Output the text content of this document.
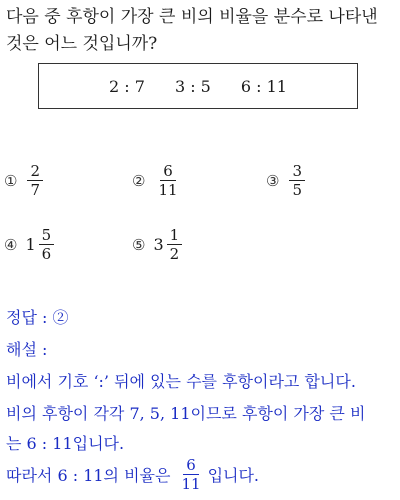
다음 중 후항이 가장 큰 비의 비율을 분수로 나타낸
것은 어느 것입니까?
2 : 7 3 : 5 6 : 11
① $\frac{2}{7}$	② $\frac{6}{11}$	③ $\frac{3}{5}$
④ $1 \frac{5}{6}$	⑤ $3 \frac{1}{2}$
정답 : ②
해설 :
비에서 기호 ‘:’ 뒤에 있는 수를 후항이라고 합니다.
비의 후항이 각각 7, 5, 11이므로 후항이 가장 큰 비
는 6 : 11입니다.
따라서 6 : 11의 비율은 $\frac{6}{11}$ 입니다.
